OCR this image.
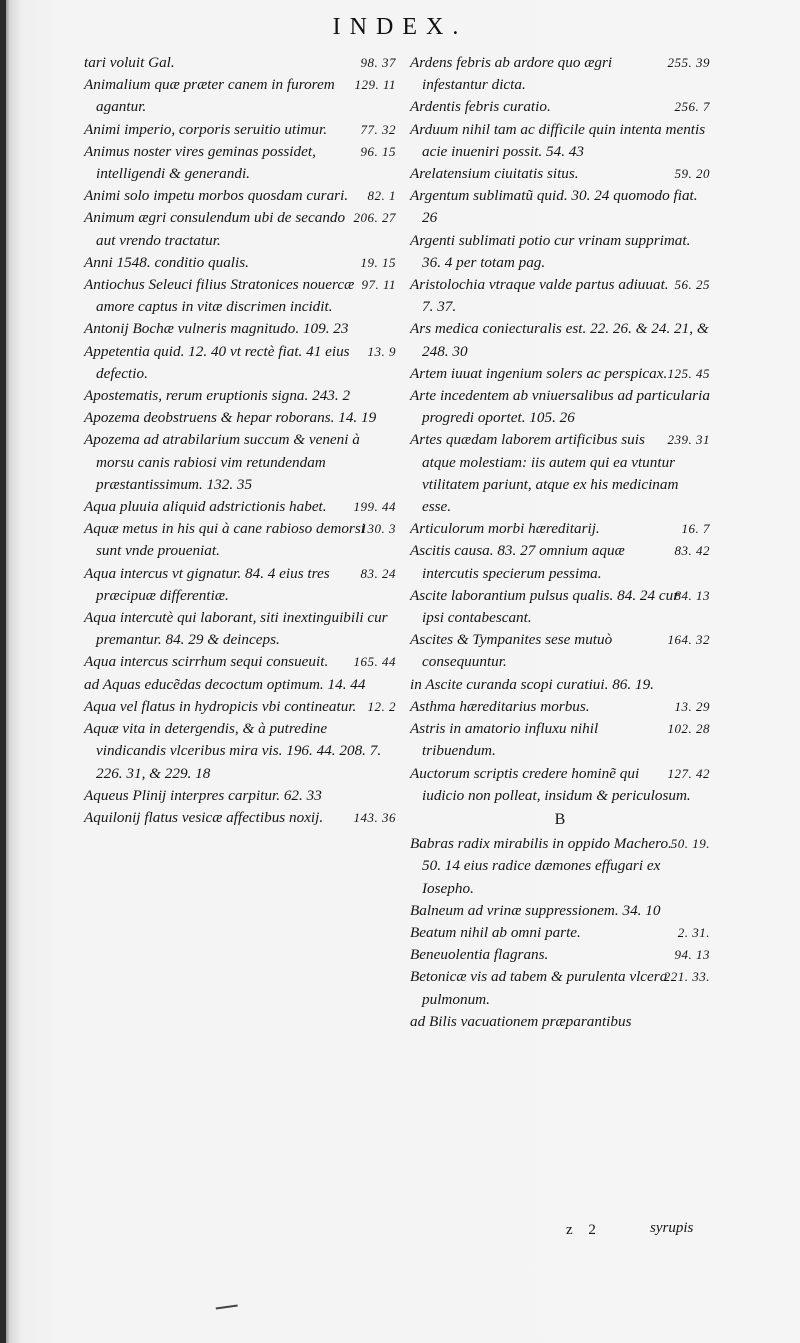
INDEX.
98. 37
tari voluit Gal.
129. 11
Animalium quæ præter canem in furorem agantur.
77. 32
Animi imperio, corporis seruitio utimur.
96. 15
Animus noster vires geminas possidet, intelligendi & generandi.
82. 1
Animi solo impetu morbos quosdam curari.
206. 27
Animum ægri consulendum ubi de secando aut vrendo tractatur.
19. 15
Anni 1548. conditio qualis.
97. 11
Antiochus Seleuci filius Stratonices nouercæ amore captus in vitæ discrimen incidit.
Antonij Bochæ vulneris magnitudo. 109. 23
13. 9
Appetentia quid. 12. 40 vt rectè fiat. 41 eius defectio.
Apostematis, rerum eruptionis signa. 243. 2
Apozema deobstruens & hepar roborans. 14. 19
Apozema ad atrabilarium succum & veneni à morsu canis rabiosi vim retundendam præstantissimum. 132. 35
199. 44
Aqua pluuia aliquid adstrictionis habet.
130. 3
Aquæ metus in his qui à cane rabioso demorsi sunt vnde proueniat.
83. 24
Aqua intercus vt gignatur. 84. 4 eius tres præcipuæ differentiæ.
Aqua intercutè qui laborant, siti inextinguibili cur premantur. 84. 29 & deinceps.
165. 44
Aqua intercus scirrhum sequi consueuit.
ad Aquas educẽdas decoctum optimum. 14. 44
12. 2
Aqua vel flatus in hydropicis vbi contineatur.
Aquæ vita in detergendis, & à putredine vindicandis vlceribus mira vis. 196. 44. 208. 7. 226. 31, & 229. 18
Aqueus Plinij interpres carpitur. 62. 33
143. 36
Aquilonij flatus vesicæ affectibus noxij.
255. 39
Ardens febris ab ardore quo ægri infestantur dicta.
256. 7
Ardentis febris curatio.
Arduum nihil tam ac difficile quin intenta mentis acie inueniri possit. 54. 43
59. 20
Arelatensium ciuitatis situs.
Argentum sublimatũ quid. 30. 24 quomodo fiat. 26
Argenti sublimati potio cur vrinam supprimat. 36. 4 per totam pag.
56. 25
Aristolochia vtraque valde partus adiuuat. 7. 37.
Ars medica coniecturalis est. 22. 26. & 24. 21, & 248. 30
125. 45
Artem iuuat ingenium solers ac perspicax.
Arte incedentem ab vniuersalibus ad particularia progredi oportet. 105. 26
239. 31
Artes quædam laborem artificibus suis atque molestiam: iis autem qui ea vtuntur vtilitatem pariunt, atque ex his medicinam esse.
16. 7
Articulorum morbi hæreditarij.
83. 42
Ascitis causa. 83. 27 omnium aquæ intercutis specierum pessima.
84. 13
Ascite laborantium pulsus qualis. 84. 24 cur ipsi contabescant.
164. 32
Ascites & Tympanites sese mutuò consequuntur.
in Ascite curanda scopi curatiui. 86. 19.
13. 29
Asthma hæreditarius morbus.
102. 28
Astris in amatorio influxu nihil tribuendum.
127. 42
Auctorum scriptis credere hominẽ qui iudicio non polleat, insidum & periculosum.
B
50. 19.
Babras radix mirabilis in oppido Machero. 50. 14 eius radice dæmones effugari ex Iosepho.
Balneum ad vrinæ suppressionem. 34. 10
2. 31.
Beatum nihil ab omni parte.
94. 13
Beneuolentia flagrans.
221. 33.
Betonicæ vis ad tabem & purulenta vlcera pulmonum.
ad Bilis vacuationem præparantibus
z 2	syrupis
